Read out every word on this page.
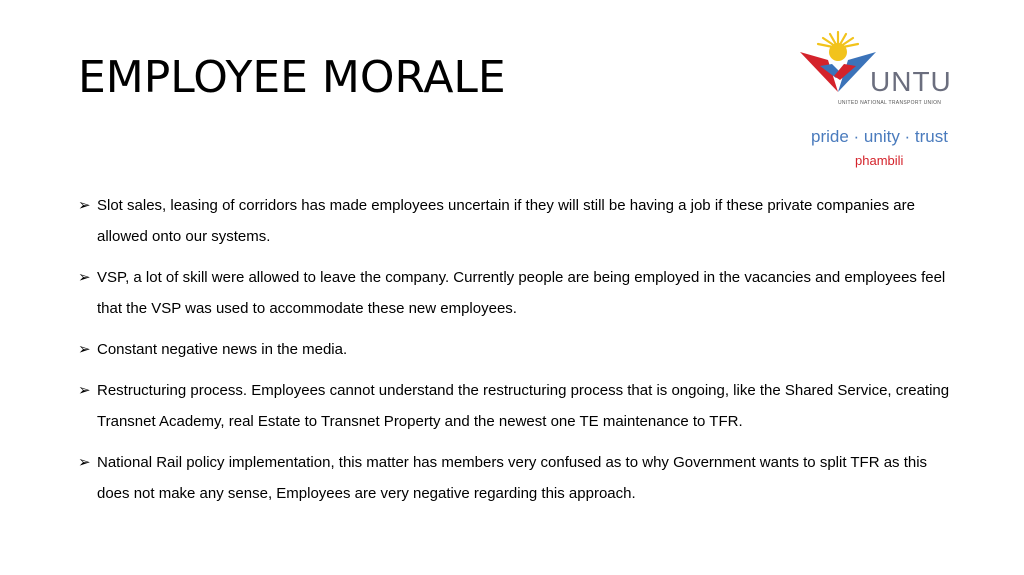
EMPLOYEE MORALE	UNTU
UNITED NATIONAL TRANSPORT UNION
pride · unity · trust
phambili
➢ Slot sales, leasing of corridors has made employees uncertain if they will still be having a job if these private companies are allowed onto our systems.
➢ VSP, a lot of skill were allowed to leave the company. Currently people are being employed in the vacancies and employees feel that the VSP was used to accommodate these new employees.
➢ Constant negative news in the media.
➢ Restructuring process. Employees cannot understand the restructuring process that is ongoing, like the Shared Service, creating Transnet Academy, real Estate to Transnet Property and the newest one TE maintenance to TFR.
➢ National Rail policy implementation, this matter has members very confused as to why Government wants to split TFR as this does not make any sense, Employees are very negative regarding this approach.
